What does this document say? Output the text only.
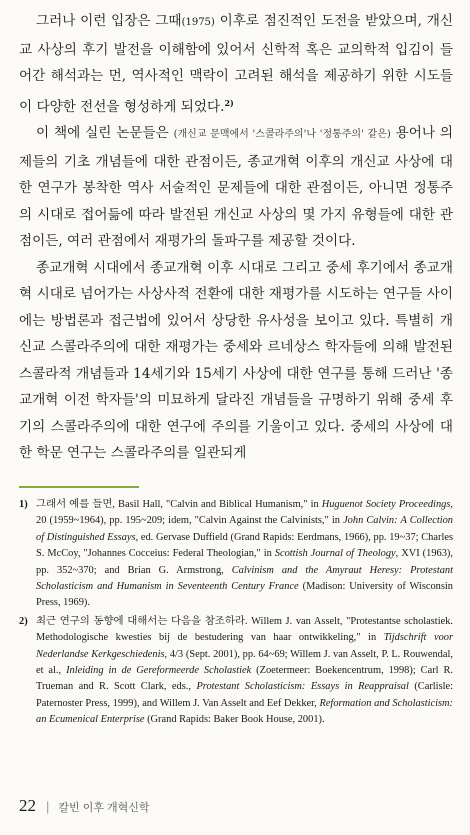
그러나 이런 입장은 그때(1975) 이후로 점진적인 도전을 받았으며, 개신교 사상의 후기 발전을 이해함에 있어서 신학적 혹은 교의학적 입김이 들어간 해석과는 먼, 역사적인 맥락이 고려된 해석을 제공하기 위한 시도들이 다양한 전선을 형성하게 되었다.$^{2)}$

이 책에 실린 논문들은 (개신교 문맥에서 '스콜라주의'나 '정통주의' 같은) 용어나 의제들의 기초 개념들에 대한 관점이든, 종교개혁 이후의 개신교 사상에 대한 연구가 봉착한 역사 서술적인 문제들에 대한 관점이든, 아니면 정통주의 시대로 접어듦에 따라 발전된 개신교 사상의 몇 가지 유형들에 대한 관점이든, 여러 관점에서 재평가의 돌파구를 제공할 것이다.

종교개혁 시대에서 종교개혁 이후 시대로 그리고 중세 후기에서 종교개혁 시대로 넘어가는 사상사적 전환에 대한 재평가를 시도하는 연구들 사이에는 방법론과 접근법에 있어서 상당한 유사성을 보이고 있다. 특별히 개신교 스콜라주의에 대한 재평가는 중세와 르네상스 학자들에 의해 발전된 스콜라적 개념들과 14세기와 15세기 사상에 대한 연구를 통해 드러난 '종교개혁 이전 학자들'의 미묘하게 달라진 개념들을 규명하기 위해 중세 후기의 스콜라주의에 대한 연구에 주의를 기울이고 있다. 중세의 사상에 대한 학문 연구는 스콜라주의를 일관되게

1) 그래서 예를 들면, Basil Hall, "Calvin and Biblical Humanism," in Huguenot Society Proceedings, 20 (1959~1964), pp. 195~209; idem, "Calvin Against the Calvinists," in John Calvin: A Collection of Distinguished Essays, ed. Gervase Duffield (Grand Rapids: Eerdmans, 1966), pp. 19~37; Charles S. McCoy, "Johannes Cocceius: Federal Theologian," in Scottish Journal of Theology, XVI (1963), pp. 352~370; and Brian G. Armstrong, Calvinism and the Amyraut Heresy: Protestant Scholasticism and Humanism in Seventeenth Century France (Madison: University of Wisconsin Press, 1969).

2) 최근 연구의 동향에 대해서는 다음을 참조하라. Willem J. van Asselt, "Protestantse scholastiek. Methodologische kwesties bij de bestudering van haar ontwikkeling," in Tijdschrift voor Nederlandse Kerkgeschiedenis, 4/3 (Sept. 2001), pp. 64~69; Willem J. van Asselt, P. L. Rouwendal, et al., Inleiding in de Gereformeerde Scholastiek (Zoetermeer: Boekencentrum, 1998); Carl R. Trueman and R. Scott Clark, eds., Protestant Scholasticism: Essays in Reappraisal (Carlisle: Paternoster Press, 1999), and Willem J. Van Asselt and Eef Dekker, Reformation and Scholasticism: an Ecumenical Enterprise (Grand Rapids: Baker Book House, 2001).

22 | 칼빈 이후 개혁신학
